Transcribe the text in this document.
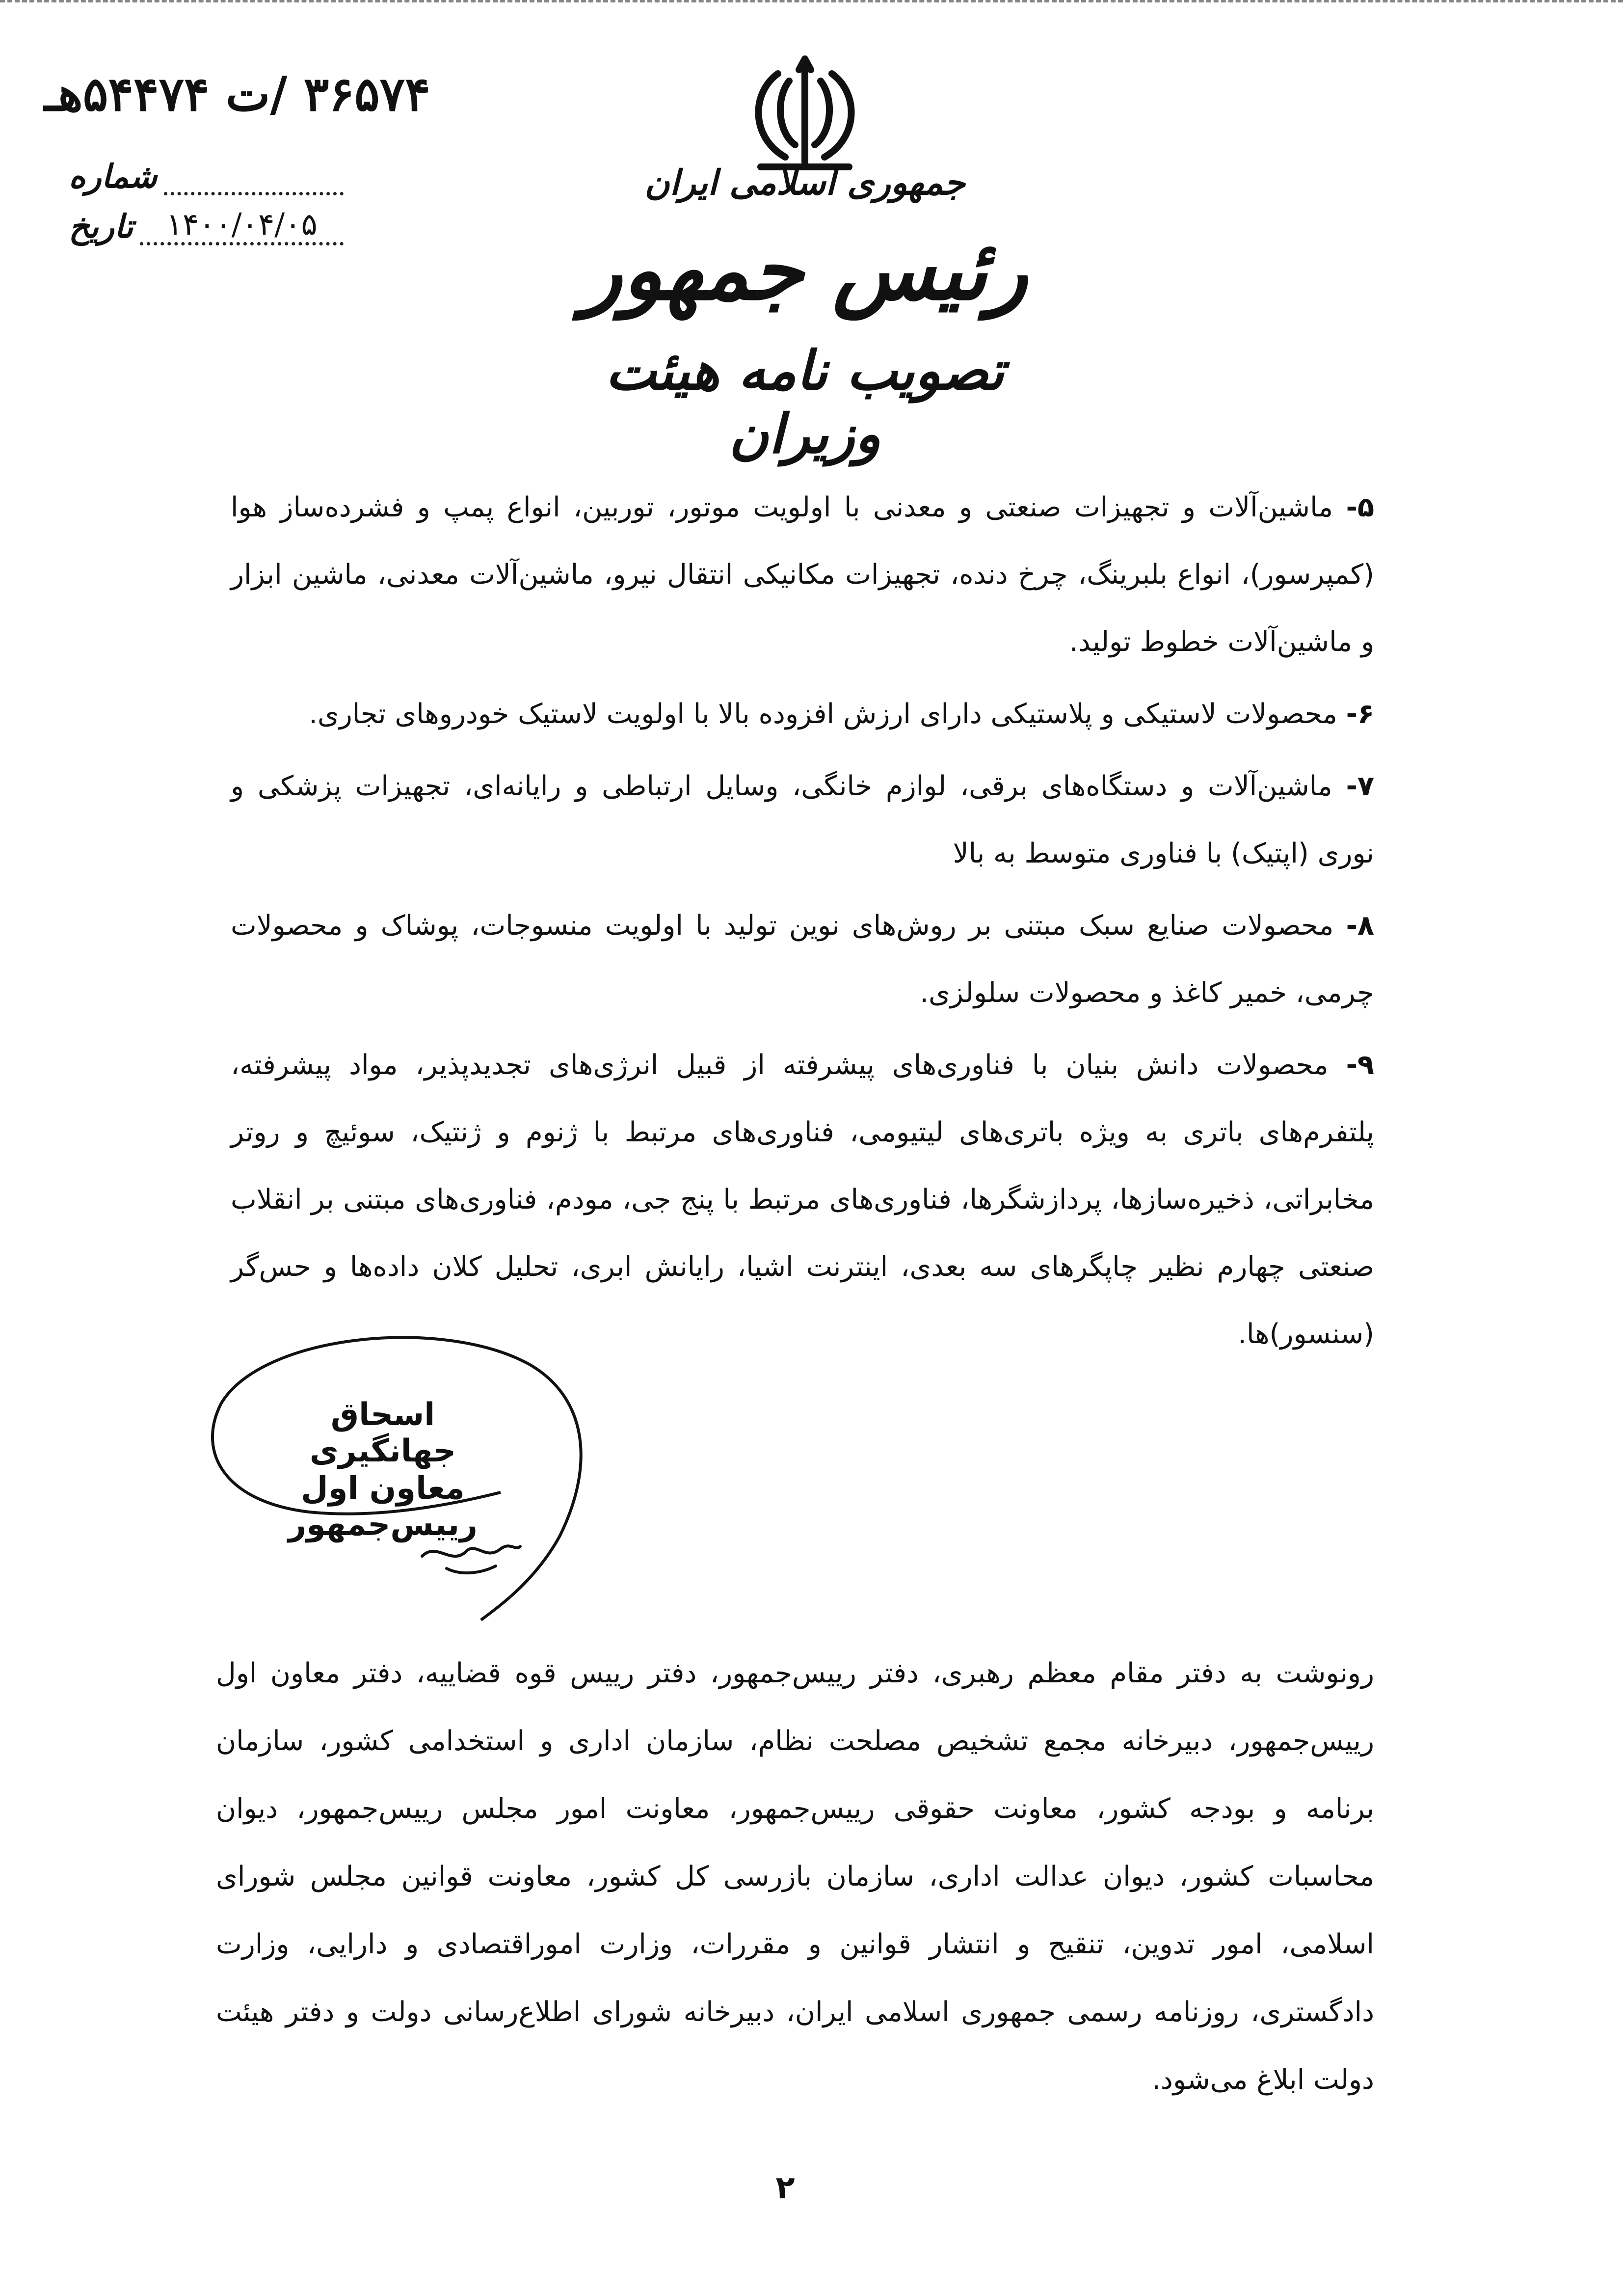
۳۶۵۷۴ /ت ۵۴۴۷۴هـ
شماره
تاریخ	۱۴۰۰/۰۴/۰۵
جمهوری اسلامی ایران
رئیس جمهور
تصویب نامه هیئت وزیران

۵- ماشین‌آلات و تجهیزات صنعتی و معدنی با اولویت موتور، توربین، انواع پمپ و فشرده‌ساز هوا (کمپرسور)، انواع بلبرینگ، چرخ دنده، تجهیزات مکانیکی انتقال نیرو، ماشین‌آلات معدنی، ماشین ابزار و ماشین‌آلات خطوط تولید.

۶- محصولات لاستیکی و پلاستیکی دارای ارزش افزوده بالا با اولویت لاستیک خودروهای تجاری.

۷- ماشین‌آلات و دستگاه‌های برقی، لوازم خانگی، وسایل ارتباطی و رایانه‌ای، تجهیزات پزشکی و نوری (اپتیک) با فناوری متوسط به بالا

۸- محصولات صنایع سبک مبتنی بر روش‌های نوین تولید با اولویت منسوجات، پوشاک و محصولات چرمی، خمیر کاغذ و محصولات سلولزی.

۹- محصولات دانش بنیان با فناوری‌های پیشرفته از قبیل انرژی‌های تجدیدپذیر، مواد پیشرفته، پلتفرم‌های باتری به ویژه باتری‌های لیتیومی، فناوری‌های مرتبط با ژنوم و ژنتیک، سوئیچ و روتر مخابراتی، ذخیره‌سازها، پردازشگرها، فناوری‌های مرتبط با پنج جی، مودم، فناوری‌های مبتنی بر انقلاب صنعتی چهارم نظیر چاپگرهای سه بعدی، اینترنت اشیا، رایانش ابری، تحلیل کلان داده‌ها و حس‌گر (سنسور)ها.

اسحاق جهانگیری
معاون اول رییس‌جمهور
رونوشت به دفتر مقام معظم رهبری، دفتر رییس‌جمهور، دفتر رییس قوه قضاییه، دفتر معاون اول رییس‌جمهور، دبیرخانه مجمع تشخیص مصلحت نظام، سازمان اداری و استخدامی کشور، سازمان برنامه و بودجه کشور، معاونت حقوقی رییس‌جمهور، معاونت امور مجلس رییس‌جمهور، دیوان محاسبات کشور، دیوان عدالت اداری، سازمان بازرسی کل کشور، معاونت قوانین مجلس شورای اسلامی، امور تدوین، تنقیح و انتشار قوانین و مقررات، وزارت اموراقتصادی و دارایی، وزارت دادگستری، روزنامه رسمی جمهوری اسلامی ایران، دبیرخانه شورای اطلاع‌رسانی دولت و دفتر هیئت دولت ابلاغ می‌شود.
۲
